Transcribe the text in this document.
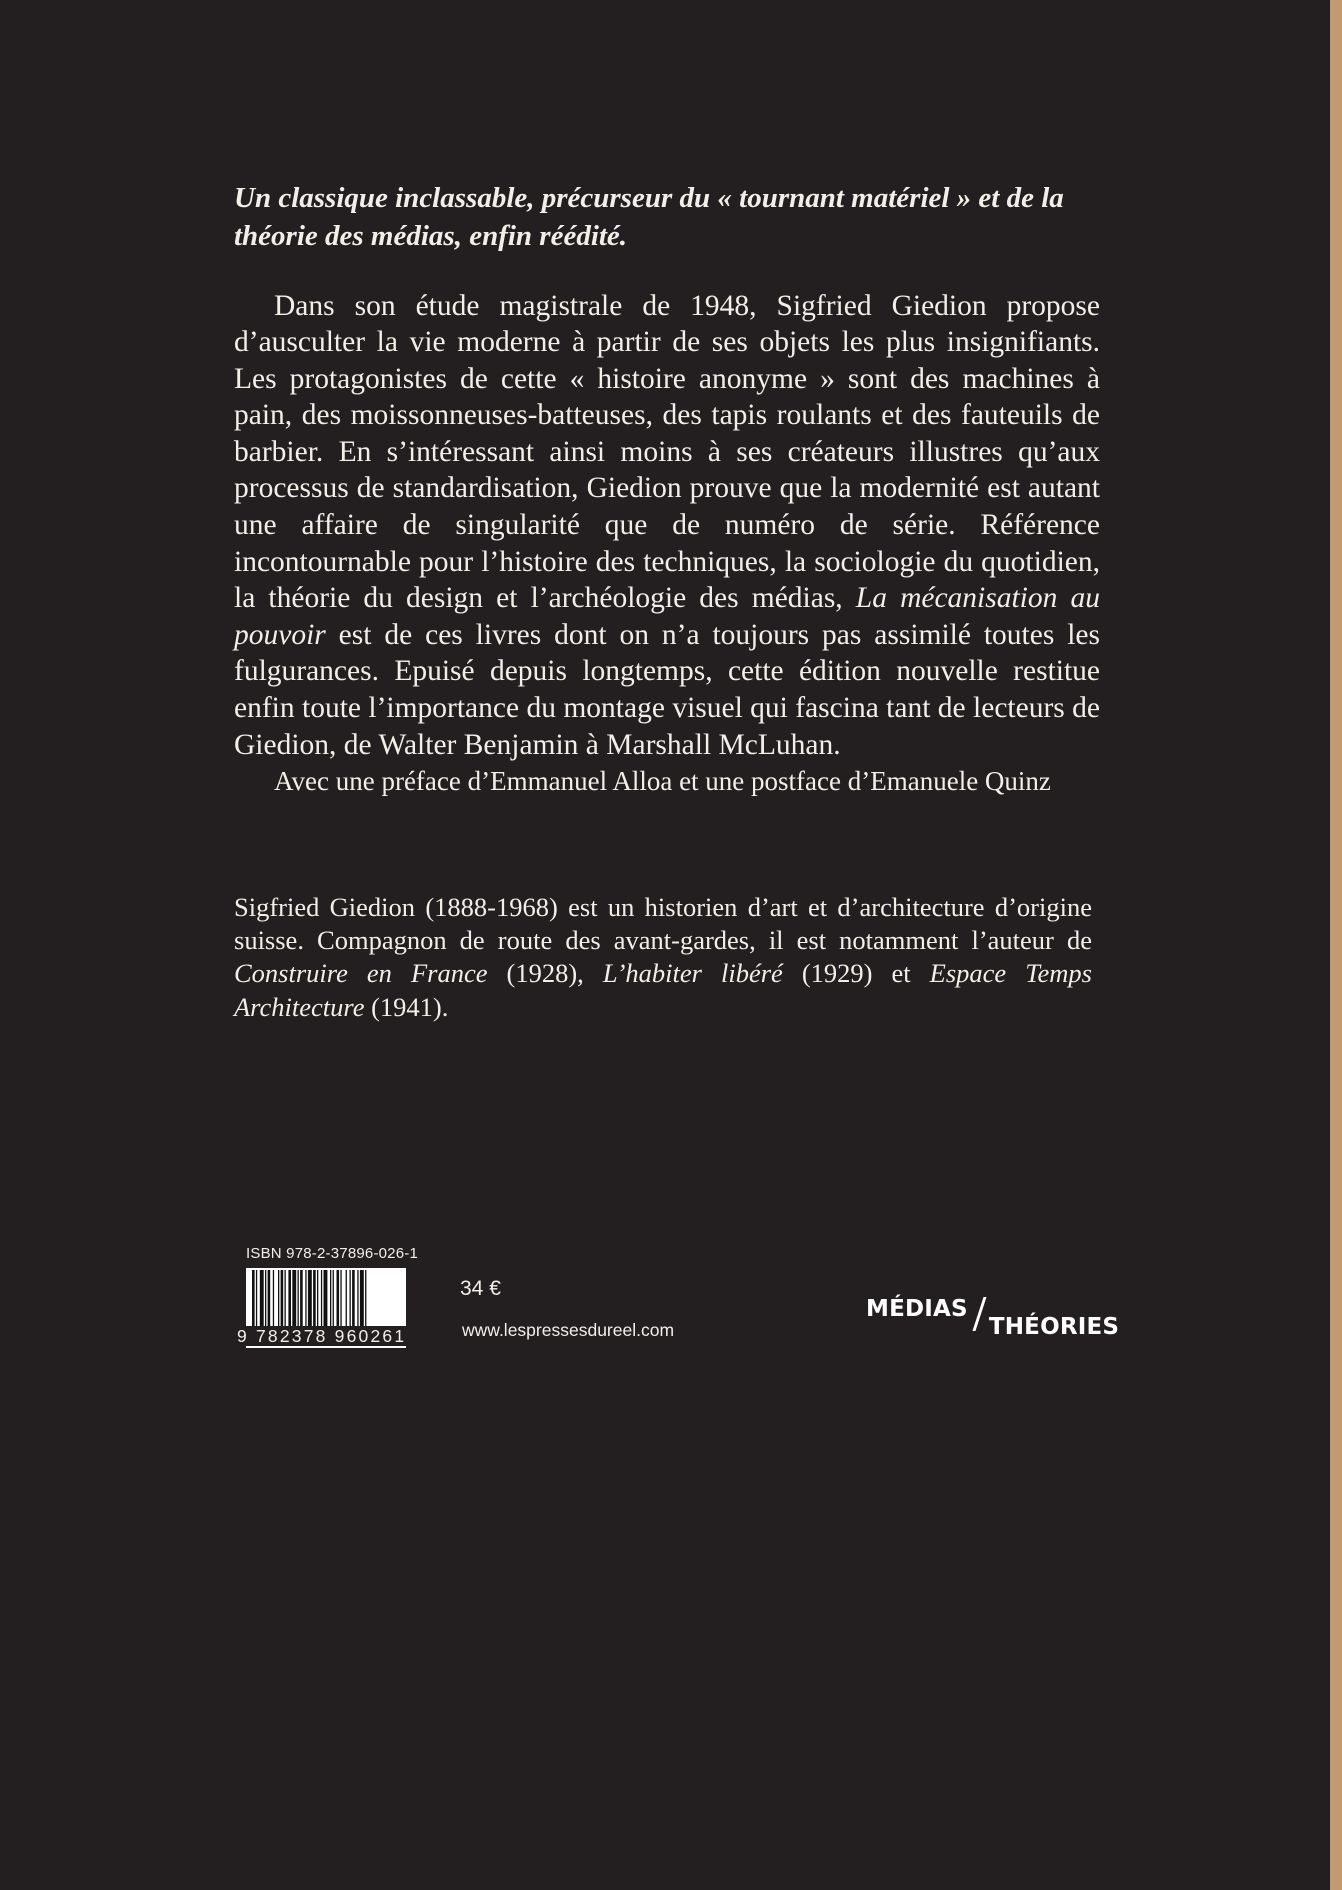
Un classique inclassable, précurseur du « tournant matériel » et de la théorie des médias, enfin réédité.

Dans son étude magistrale de 1948, Sigfried Giedion propose d’ausculter la vie moderne à partir de ses objets les plus insignifiants. Les protagonistes de cette « histoire anonyme » sont des machines à pain, des moissonneuses-batteuses, des tapis roulants et des fauteuils de barbier. En s’intéressant ainsi moins à ses créateurs illustres qu’aux processus de standardisation, Giedion prouve que la modernité est autant une affaire de singularité que de numéro de série. Référence incontournable pour l’histoire des techniques, la sociologie du quotidien, la théorie du design et l’archéologie des médias, La mécanisation au pouvoir est de ces livres dont on n’a toujours pas assimilé toutes les fulgurances. Epuisé depuis longtemps, cette édition nouvelle restitue enfin toute l’importance du montage visuel qui fascina tant de lecteurs de Giedion, de Walter Benjamin à Marshall McLuhan.

Avec une préface d’Emmanuel Alloa et une postface d’Emanuele Quinz

Sigfried Giedion (1888-1968) est un historien d’art et d’architecture d’origine suisse. Compagnon de route des avant-gardes, il est notamment l’auteur de Construire en France (1928), L’habiter libéré (1929) et Espace Temps Architecture (1941).

ISBN 978-2-37896-026-1
9 782378 960261
34 €
www.lespressesdureel.com
MÉDIASTHÉORIES
